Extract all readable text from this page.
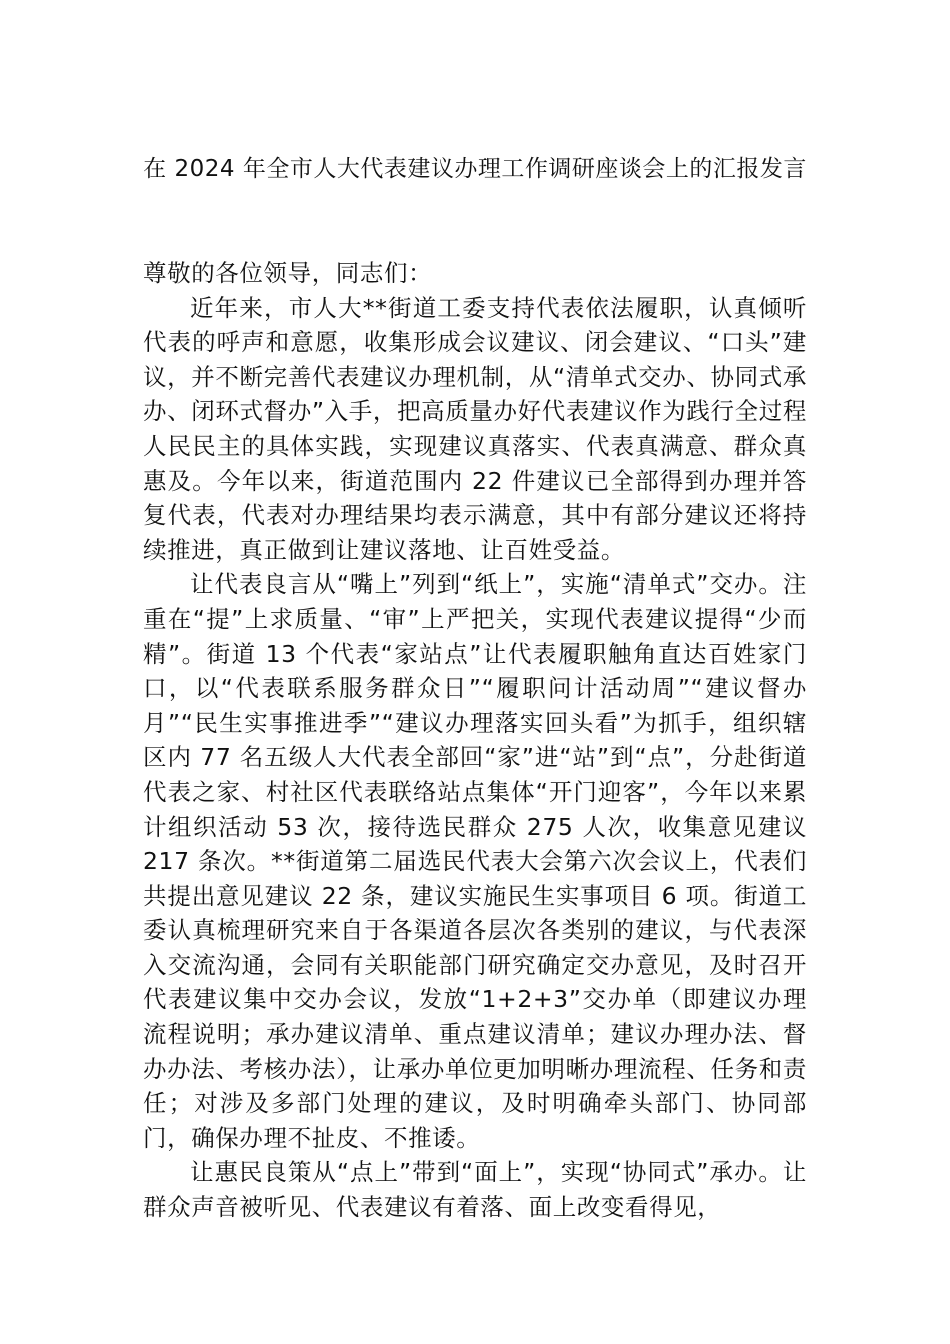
在 2024 年全市人大代表建议办理工作调研座谈会上的汇报发言

尊敬的各位领导，同志们：

近年来，市人大**街道工委支持代表依法履职，认真倾听代表的呼声和意愿，收集形成会议建议、闭会建议、“口头”建议，并不断完善代表建议办理机制，从“清单式交办、协同式承办、闭环式督办”入手，把高质量办好代表建议作为践行全过程人民民主的具体实践，实现建议真落实、代表真满意、群众真惠及。今年以来，街道范围内 22 件建议已全部得到办理并答复代表，代表对办理结果均表示满意，其中有部分建议还将持续推进，真正做到让建议落地、让百姓受益。

让代表良言从“嘴上”列到“纸上”，实施“清单式”交办。注重在“提”上求质量、“审”上严把关，实现代表建议提得“少而精”。街道 13 个代表“家站点”让代表履职触角直达百姓家门口，以“代表联系服务群众日”“履职问计活动周”“建议督办月”“民生实事推进季”“建议办理落实回头看”为抓手，组织辖区内 77 名五级人大代表全部回“家”进“站”到“点”，分赴街道代表之家、村社区代表联络站点集体“开门迎客”，今年以来累计组织活动 53 次，接待选民群众 275 人次，收集意见建议 217 条次。**街道第二届选民代表大会第六次会议上，代表们共提出意见建议 22 条，建议实施民生实事项目 6 项。街道工委认真梳理研究来自于各渠道各层次各类别的建议，与代表深入交流沟通，会同有关职能部门研究确定交办意见，及时召开代表建议集中交办会议，发放“1+2+3”交办单（即建议办理流程说明；承办建议清单、重点建议清单；建议办理办法、督办办法、考核办法），让承办单位更加明晰办理流程、任务和责任；对涉及多部门处理的建议，及时明确牵头部门、协同部门，确保办理不扯皮、不推诿。

让惠民良策从“点上”带到“面上”，实现“协同式”承办。让群众声音被听见、代表建议有着落、面上改变看得见，
